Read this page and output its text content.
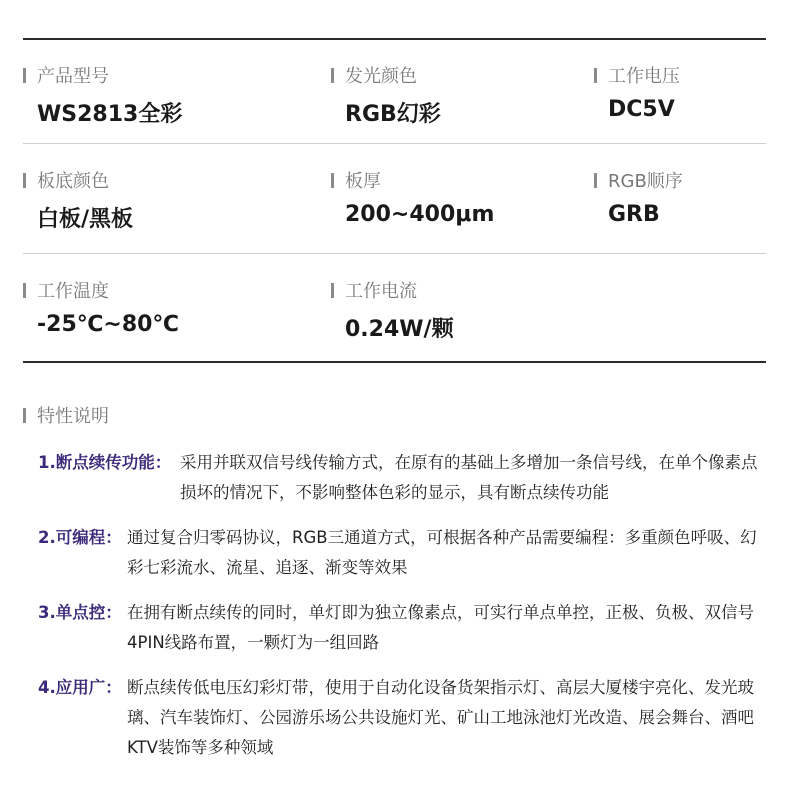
产品型号
WS2813全彩
发光颜色
RGB幻彩
工作电压
DC5V
板底颜色
白板/黑板
板厚
200~400μm
RGB顺序
GRB
工作温度
-25℃~80℃
工作电流
0.24W/颗
特性说明
1.断点续传功能： 采用并联双信号线传输方式，在原有的基础上多增加一条信号线，在单个像素点损坏的情况下，不影响整体色彩的显示，具有断点续传功能
2.可编程： 通过复合归零码协议，RGB三通道方式，可根据各种产品需要编程：多重颜色呼吸、幻彩七彩流水、流星、追逐、渐变等效果
3.单点控： 在拥有断点续传的同时，单灯即为独立像素点，可实行单点单控，正极、负极、双信号4PIN线路布置，一颗灯为一组回路
4.应用广： 断点续传低电压幻彩灯带，使用于自动化设备货架指示灯、高层大厦楼宇亮化、发光玻璃、汽车装饰灯、公园游乐场公共设施灯光、矿山工地泳池灯光改造、展会舞台、酒吧KTV装饰等多种领域
